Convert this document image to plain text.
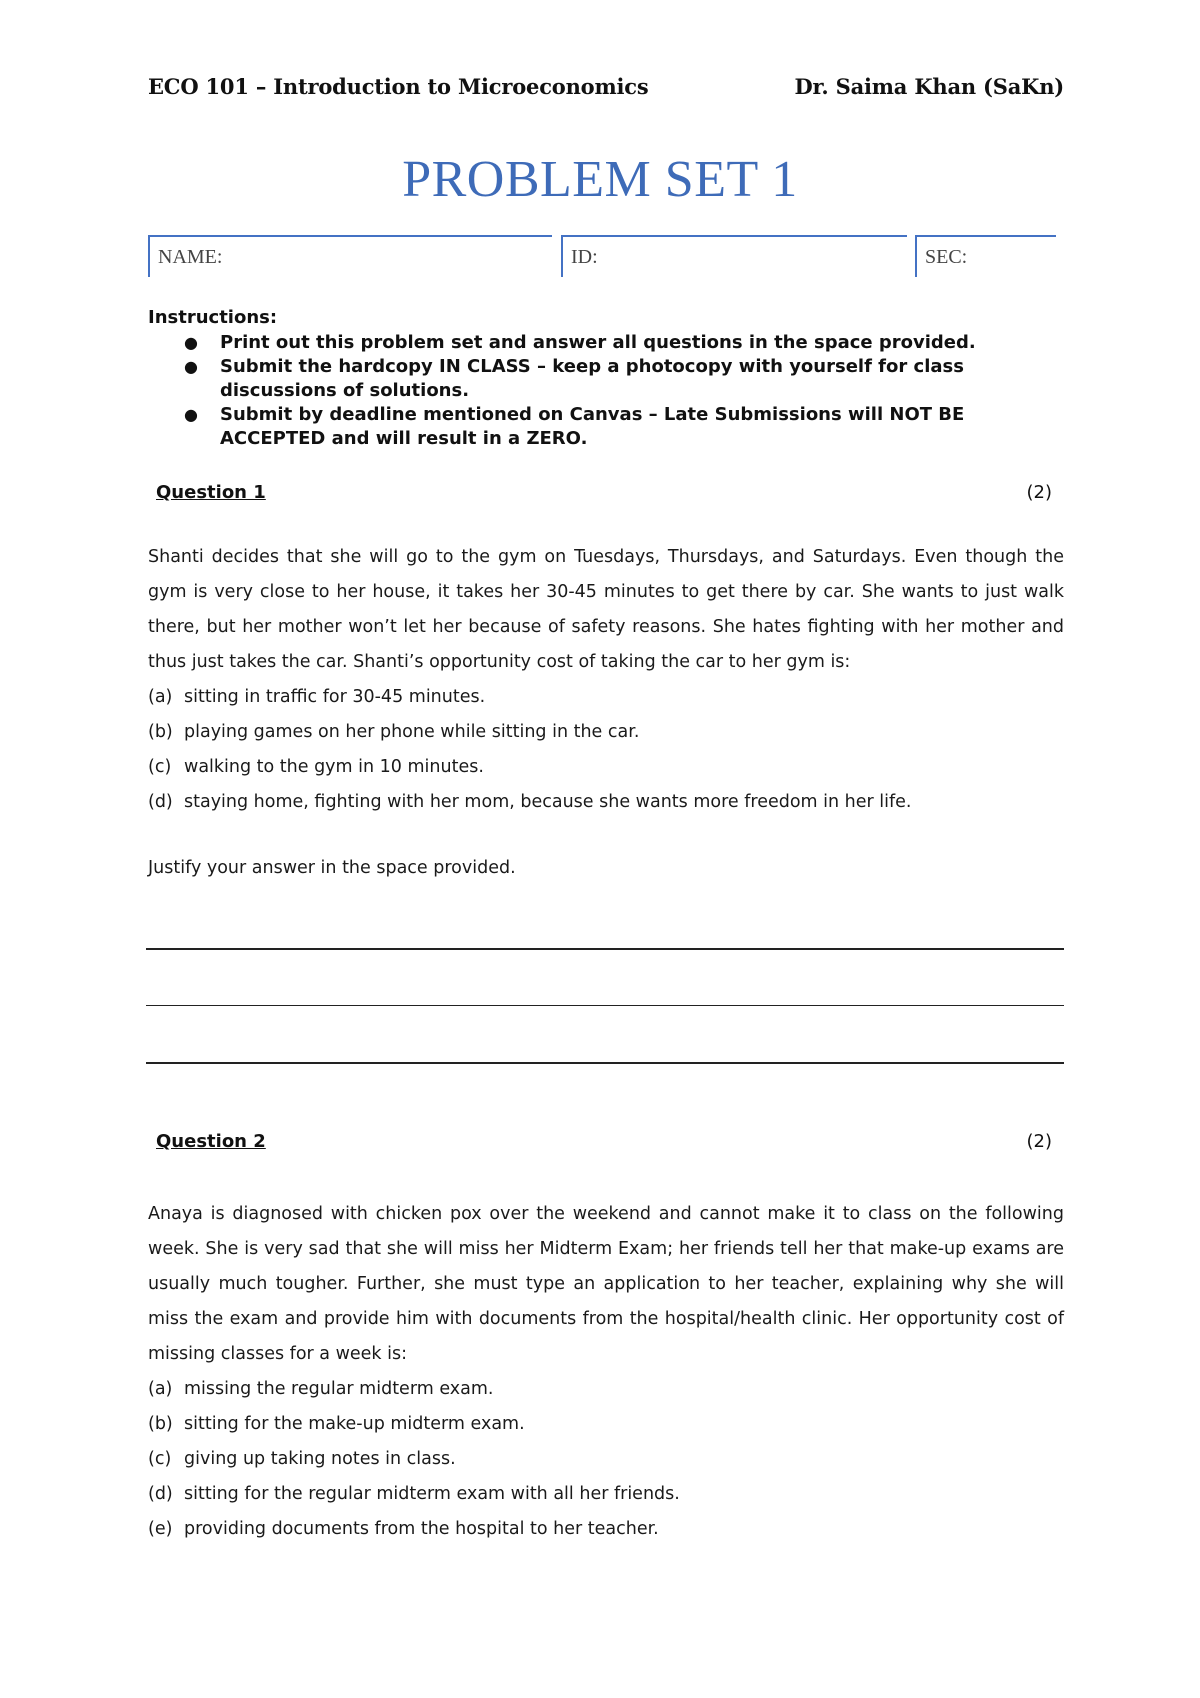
ECO 101 – Introduction to Microeconomics	Dr. Saima Khan (SaKn)
PROBLEM SET 1
NAME:	ID:	SEC:
Instructions:
● Print out this problem set and answer all questions in the space provided.
● Submit the hardcopy IN CLASS – keep a photocopy with yourself for class discussions of solutions.
● Submit by deadline mentioned on Canvas – Late Submissions will NOT BE ACCEPTED and will result in a ZERO.
Question 1	(2)
Shanti decides that she will go to the gym on Tuesdays, Thursdays, and Saturdays. Even though the gym is very close to her house, it takes her 30-45 minutes to get there by car. She wants to just walk there, but her mother won’t let her because of safety reasons. She hates fighting with her mother and thus just takes the car. Shanti’s opportunity cost of taking the car to her gym is:
(a) sitting in traffic for 30-45 minutes.
(b) playing games on her phone while sitting in the car.
(c) walking to the gym in 10 minutes.
(d) staying home, fighting with her mom, because she wants more freedom in her life.
Justify your answer in the space provided.
Question 2	(2)
Anaya is diagnosed with chicken pox over the weekend and cannot make it to class on the following week. She is very sad that she will miss her Midterm Exam; her friends tell her that make-up exams are usually much tougher. Further, she must type an application to her teacher, explaining why she will miss the exam and provide him with documents from the hospital/health clinic. Her opportunity cost of missing classes for a week is:
(a) missing the regular midterm exam.
(b) sitting for the make-up midterm exam.
(c) giving up taking notes in class.
(d) sitting for the regular midterm exam with all her friends.
(e) providing documents from the hospital to her teacher.
